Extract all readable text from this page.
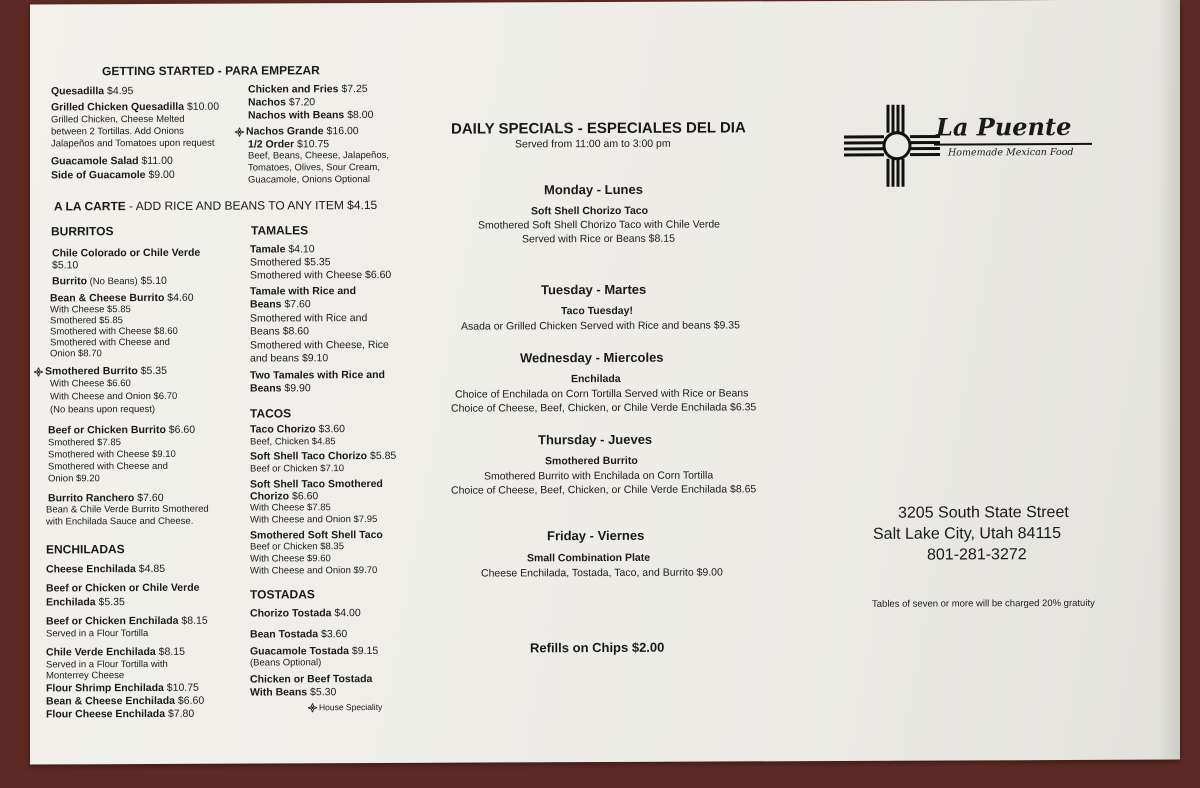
GETTING STARTED - PARA EMPEZAR
Quesadilla $4.95
Grilled Chicken Quesadilla $10.00
Grilled Chicken, Cheese Melted
between 2 Tortillas. Add Onions
Jalapeños and Tomatoes upon request
Guacamole Salad $11.00
Side of Guacamole $9.00
Chicken and Fries $7.25
Nachos $7.20
Nachos with Beans $8.00
Nachos Grande $16.00
1/2 Order $10.75
Beef, Beans, Cheese, Jalapeños,
Tomatoes, Olives, Sour Cream,
Guacamole, Onions Optional
A LA CARTE - ADD RICE AND BEANS TO ANY ITEM $4.15
BURRITOS
Chile Colorado or Chile Verde
$5.10
Burrito (No Beans) $5.10
Bean & Cheese Burrito $4.60
With Cheese $5.85
Smothered $5.85
Smothered with Cheese $8.60
Smothered with Cheese and
Onion $8.70
Smothered Burrito $5.35
With Cheese $6.60
With Cheese and Onion $6.70
(No beans upon request)
Beef or Chicken Burrito $6.60
Smothered $7.85
Smothered with Cheese $9.10
Smothered with Cheese and
Onion $9.20
Burrito Ranchero $7.60
Bean & Chile Verde Burrito Smothered
with Enchilada Sauce and Cheese.
ENCHILADAS
Cheese Enchilada $4.85
Beef or Chicken or Chile Verde
Enchilada $5.35
Beef or Chicken Enchilada $8.15
Served in a Flour Tortilla
Chile Verde Enchilada $8.15
Served in a Flour Tortilla with
Monterrey Cheese
Flour Shrimp Enchilada $10.75
Bean & Cheese Enchilada $6.60
Flour Cheese Enchilada $7.80
TAMALES
Tamale $4.10
Smothered $5.35
Smothered with Cheese $6.60
Tamale with Rice and
Beans $7.60
Smothered with Rice and
Beans $8.60
Smothered with Cheese, Rice
and beans $9.10
Two Tamales with Rice and
Beans $9.90
TACOS
Taco Chorizo $3.60
Beef, Chicken $4.85
Soft Shell Taco Chorizo $5.85
Beef or Chicken $7.10
Soft Shell Taco Smothered
Chorizo $6.60
With Cheese $7.85
With Cheese and Onion $7.95
Smothered Soft Shell Taco
Beef or Chicken $8.35
With Cheese $9.60
With Cheese and Onion $9.70
TOSTADAS
Chorizo Tostada $4.00
Bean Tostada $3.60
Guacamole Tostada $9.15
(Beans Optional)
Chicken or Beef Tostada
With Beans $5.30
House Speciality
DAILY SPECIALS - ESPECIALES DEL DIA
Served from 11:00 am to 3:00 pm
Monday - Lunes
Soft Shell Chorizo Taco
Smothered Soft Shell Chorizo Taco with Chile Verde
Served with Rice or Beans $8.15
Tuesday - Martes
Taco Tuesday!
Asada or Grilled Chicken Served with Rice and beans $9.35
Wednesday - Miercoles
Enchilada
Choice of Enchilada on Corn Tortilla Served with Rice or Beans
Choice of Cheese, Beef, Chicken, or Chile Verde Enchilada $6.35
Thursday - Jueves
Smothered Burrito
Smothered Burrito with Enchilada on Corn Tortilla
Choice of Cheese, Beef, Chicken, or Chile Verde Enchilada $8.65
Friday - Viernes
Small Combination Plate
Cheese Enchilada, Tostada, Taco, and Burrito $9.00
Refills on Chips $2.00
La Puente
Homemade Mexican Food
3205 South State Street
Salt Lake City, Utah 84115
801-281-3272
Tables of seven or more will be charged 20% gratuity
